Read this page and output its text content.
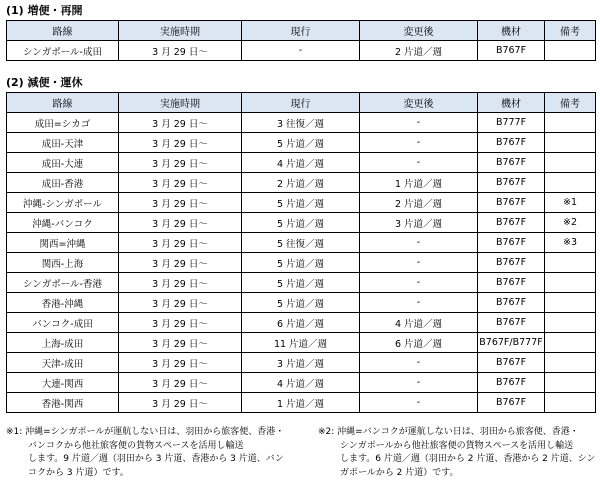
(1) 増便・再開
路線	実施時期	現行	変更後	機材	備考
シンガポール-成田	3 月 29 日～	-	2 片道／週	B767F	
(2) 減便・運休
路線	実施時期	現行	変更後	機材	備考
成田=シカゴ	3 月 29 日～	3 往復／週	-	B777F	
成田-天津	3 月 29 日～	5 片道／週	-	B767F	
成田-大連	3 月 29 日～	4 片道／週	-	B767F	
成田-香港	3 月 29 日～	2 片道／週	1 片道／週	B767F	
沖縄-シンガポール	3 月 29 日～	5 片道／週	2 片道／週	B767F	※1
沖縄-バンコク	3 月 29 日～	5 片道／週	3 片道／週	B767F	※2
関西=沖縄	3 月 29 日～	5 往復／週	-	B767F	※3
関西-上海	3 月 29 日～	5 片道／週	-	B767F	
シンガポール-香港	3 月 29 日～	5 片道／週	-	B767F	
香港-沖縄	3 月 29 日～	5 片道／週	-	B767F	
バンコク-成田	3 月 29 日～	6 片道／週	4 片道／週	B767F	
上海-成田	3 月 29 日～	11 片道／週	6 片道／週	B767F/B777F	
天津-成田	3 月 29 日～	3 片道／週	-	B767F	
大連-関西	3 月 29 日～	4 片道／週	-	B767F	
香港-関西	3 月 29 日～	1 片道／週	-	B767F	
※1: 沖縄=シンガポールが運航しない日は、羽田から旅客便、香港・
バンコクから他社旅客便の貨物スペースを活用し輸送
します。9 片道／週（羽田から 3 片道、香港から 3 片道、バン
コクから 3 片道）です。
※2: 沖縄=バンコクが運航しない日は、羽田から旅客便、香港・
シンガポールから他社旅客便の貨物スペースを活用し輸送
します。6 片道／週（羽田から 2 片道、香港から 2 片道、シン
ガポールから 2 片道）です。
